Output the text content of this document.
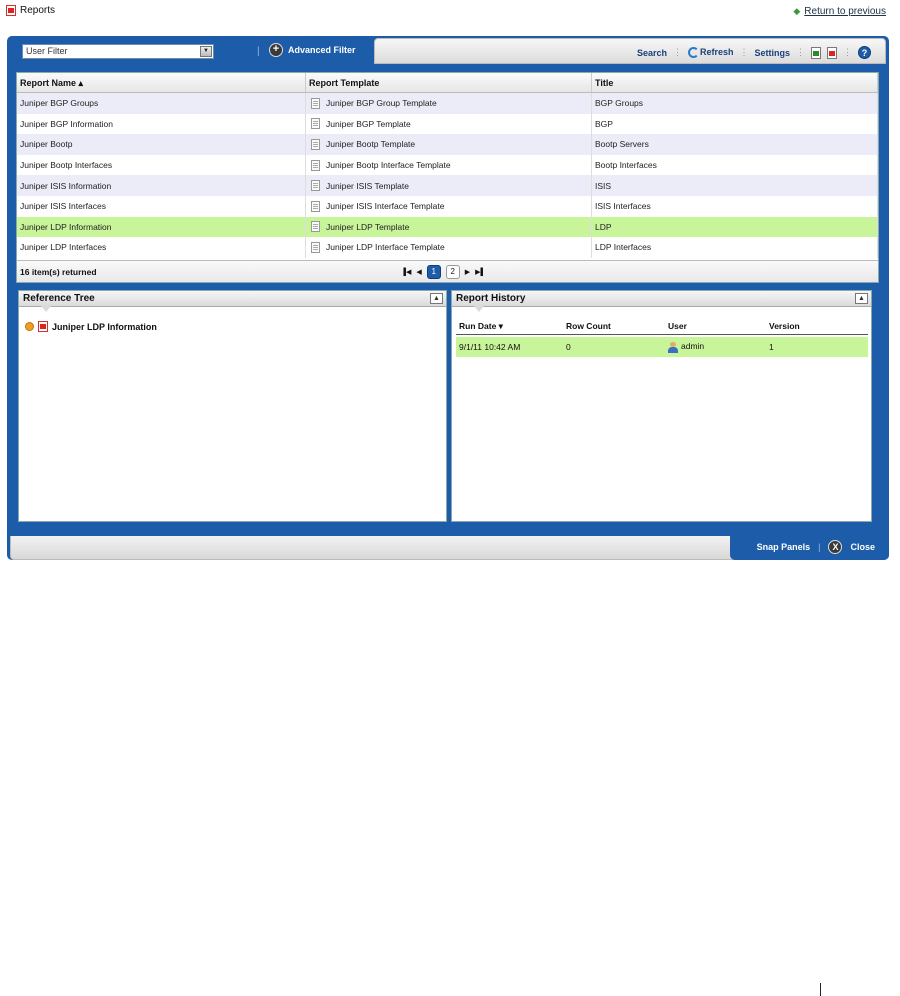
Reports	◆ Return to previous
Search ⋮	Refresh ⋮ Settings ⋮	⋮	?
User Filter	▼	|	+ Advanced Filter
Report Name ▴	Report Template	Title
Juniper BGP Groups	Juniper BGP Group Template	BGP Groups
Juniper BGP Information	Juniper BGP Template	BGP
Juniper Bootp	Juniper Bootp Template	Bootp Servers
Juniper Bootp Interfaces	Juniper Bootp Interface Template	Bootp Interfaces
Juniper ISIS Information	Juniper ISIS Template	ISIS
Juniper ISIS Interfaces	Juniper ISIS Interface Template	ISIS Interfaces
Juniper LDP Information	Juniper LDP Template	LDP
Juniper LDP Interfaces	Juniper LDP Interface Template	LDP Interfaces
16 item(s) returned	▐◀ ◀	1	2	▶ ▶▌
Reference Tree	▲
Juniper LDP Information
Report History	▲
Run Date ▾	Row Count	User	Version
9/1/11 10:42 AM	0	admin	1
Snap Panels |	X	Close
